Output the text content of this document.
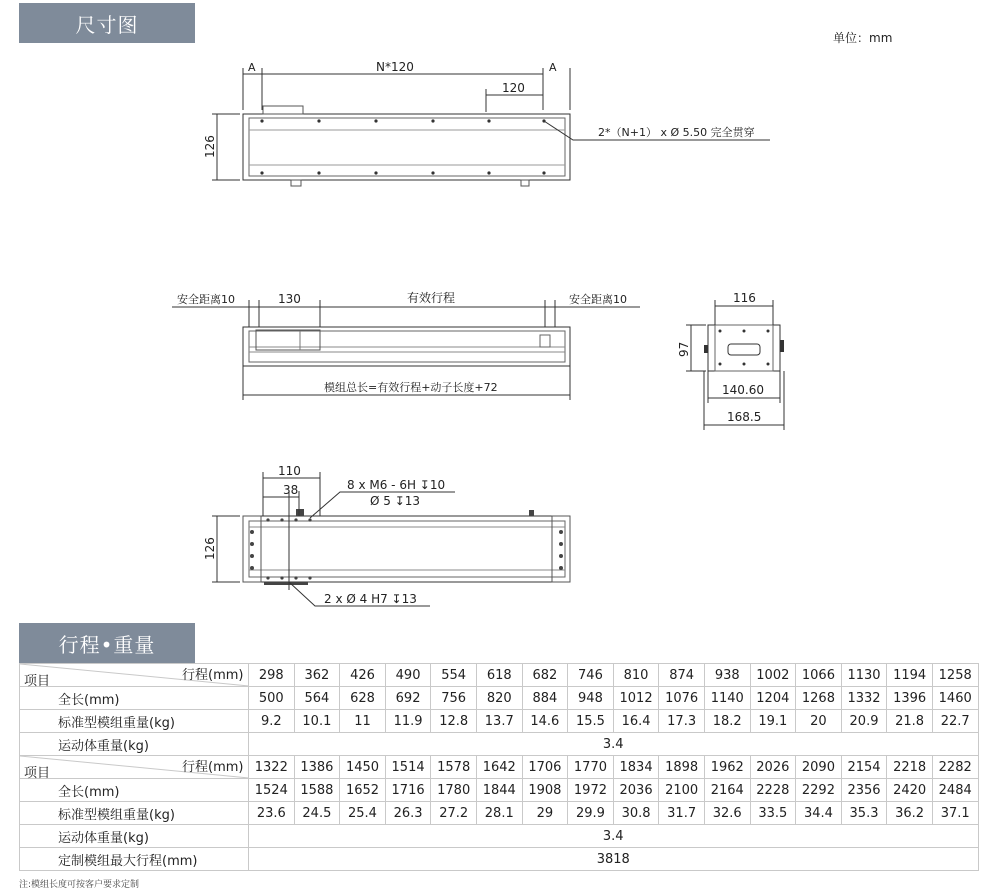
尺寸图
单位：mm
A	N*120	A
120
126
2*（N+1） x Ø 5.50 完全贯穿
安全距离10	130	有效行程	安全距离10
模组总长=有效行程+动子长度+72
116
97
140.60
168.5
110
38	8 x M6 - 6H ↧10
Ø 5 ↧13
126
2 x Ø 4 H7 ↧13
行程•重量
行程(mm)
项目	298	362	426	490	554	618	682	746	810	874	938	1002	1066	1130	1194	1258
全长(mm)	500	564	628	692	756	820	884	948	1012	1076	1140	1204	1268	1332	1396	1460
标准型模组重量(kg)	9.2	10.1	11	11.9	12.8	13.7	14.6	15.5	16.4	17.3	18.2	19.1	20	20.9	21.8	22.7
运动体重量(kg)	3.4															

行程(mm)
项目	1322	1386	1450	1514	1578	1642	1706	1770	1834	1898	1962	2026	2090	2154	2218	2282
全长(mm)	1524	1588	1652	1716	1780	1844	1908	1972	2036	2100	2164	2228	2292	2356	2420	2484
标准型模组重量(kg)	23.6	24.5	25.4	26.3	27.2	28.1	29	29.9	30.8	31.7	32.6	33.5	34.4	35.3	36.2	37.1
运动体重量(kg)	3.4															
定制模组最大行程(mm)	3818															
注:模组长度可按客户要求定制
